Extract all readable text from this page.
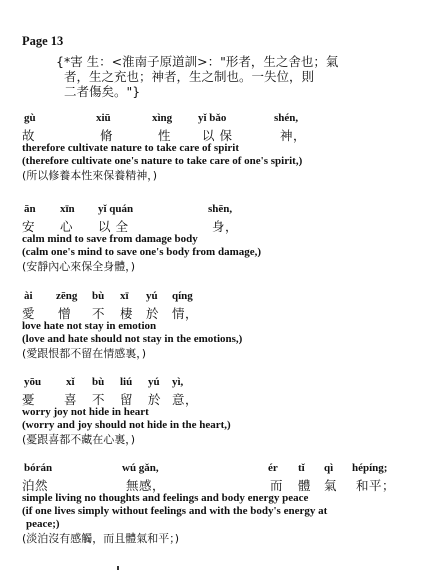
Page 13
{*害 生：<淮南子原道訓>："形者，生之舍也；氣
者，生之充也；神者，生之制也。一失位，則
二者傷矣。"}
gù	xiū	xìng yǐ bǎo	shén,
故	脩	性 以 保	神，
therefore cultivate nature to take care of spirit
(therefore cultivate one's nature to take care of one's spirit,)
(所以修養本性來保養精神，)
ān xīn yǐ quán	shēn,
安 心 以 全	身，
calm mind to save from damage body
(calm one's mind to save one's body from damage,)
(安靜內心來保全身體，)
ài zēng bù xī yú qíng
愛 憎 不 棲 於 情，
love hate not stay in emotion
(love and hate should not stay in the emotions,)
(愛跟恨都不留在情感裏，)
yōu xǐ bù liú yú yì,
憂 喜 不 留 於 意，
worry joy not hide in heart
(worry and joy should not hide in the heart,)
(憂跟喜都不藏在心裏，)
bórán	wú gǎn,	ér tǐ qì hépíng;
泊然	無感，	而 體 氣 和平；
simple living no thoughts and feelings and body energy peace
(if one lives simply without feelings and with the body's energy at
peace;)
(淡泊沒有感觸，而且體氣和平；)
